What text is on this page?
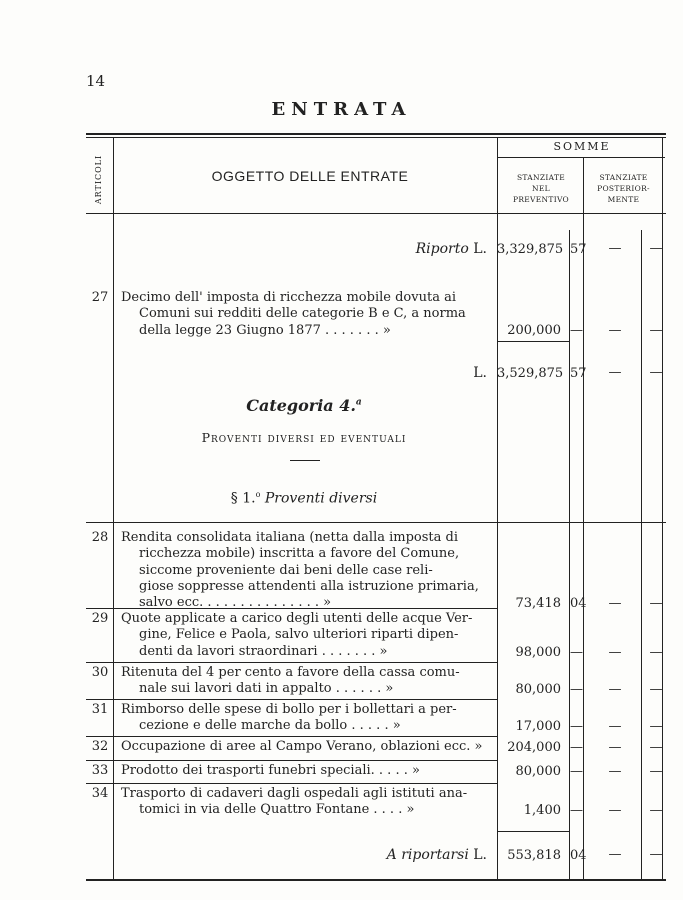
14
ENTRATA
ARTICOLI	OGGETTO DELLE ENTRATE
SOMME
STANZIATE
NEL
PREVENTIVO
STANZIATE
POSTERIOR-
MENTE
Riporto L. 3,329,875 57	—	—
27 Decimo dell' imposta di ricchezza mobile dovuta ai
Comuni sui redditi delle categorie B e C, a norma
della legge 23 Giugno 1877 . . . . . . . »	200,000 —	—	—
L. 3,529,875 57	—	—
Categoria 4.$^a$
Proventi diversi ed eventuali
§ 1.$^o$ Proventi diversi
28 Rendita consolidata italiana (netta dalla imposta di
ricchezza mobile) inscritta a favore del Comune,
siccome proveniente dai beni delle case reli-
giose soppresse attendenti alla istruzione primaria,
salvo ecc. . . . . . . . . . . . . . . »	73,418 04	—	—
29 Quote applicate a carico degli utenti delle acque Ver-
gine, Felice e Paola, salvo ulteriori riparti dipen-
denti da lavori straordinari . . . . . . . »	98,000 —	—	—
30 Ritenuta del 4 per cento a favore della cassa comu-
nale sui lavori dati in appalto . . . . . . »	80,000 —	—	—
31 Rimborso delle spese di bollo per i bollettari a per-
cezione e delle marche da bollo . . . . . »	17,000 —	—	—
32 Occupazione di aree al Campo Verano, oblazioni ecc. »	204,000 —	—	—
33 Prodotto dei trasporti funebri speciali. . . . . »	80,000 —	—	—
34 Trasporto di cadaveri dagli ospedali agli istituti ana-
tomici in via delle Quattro Fontane . . . . »	1,400 —	—	—
A riportarsi L.	553,818 04	—	—
